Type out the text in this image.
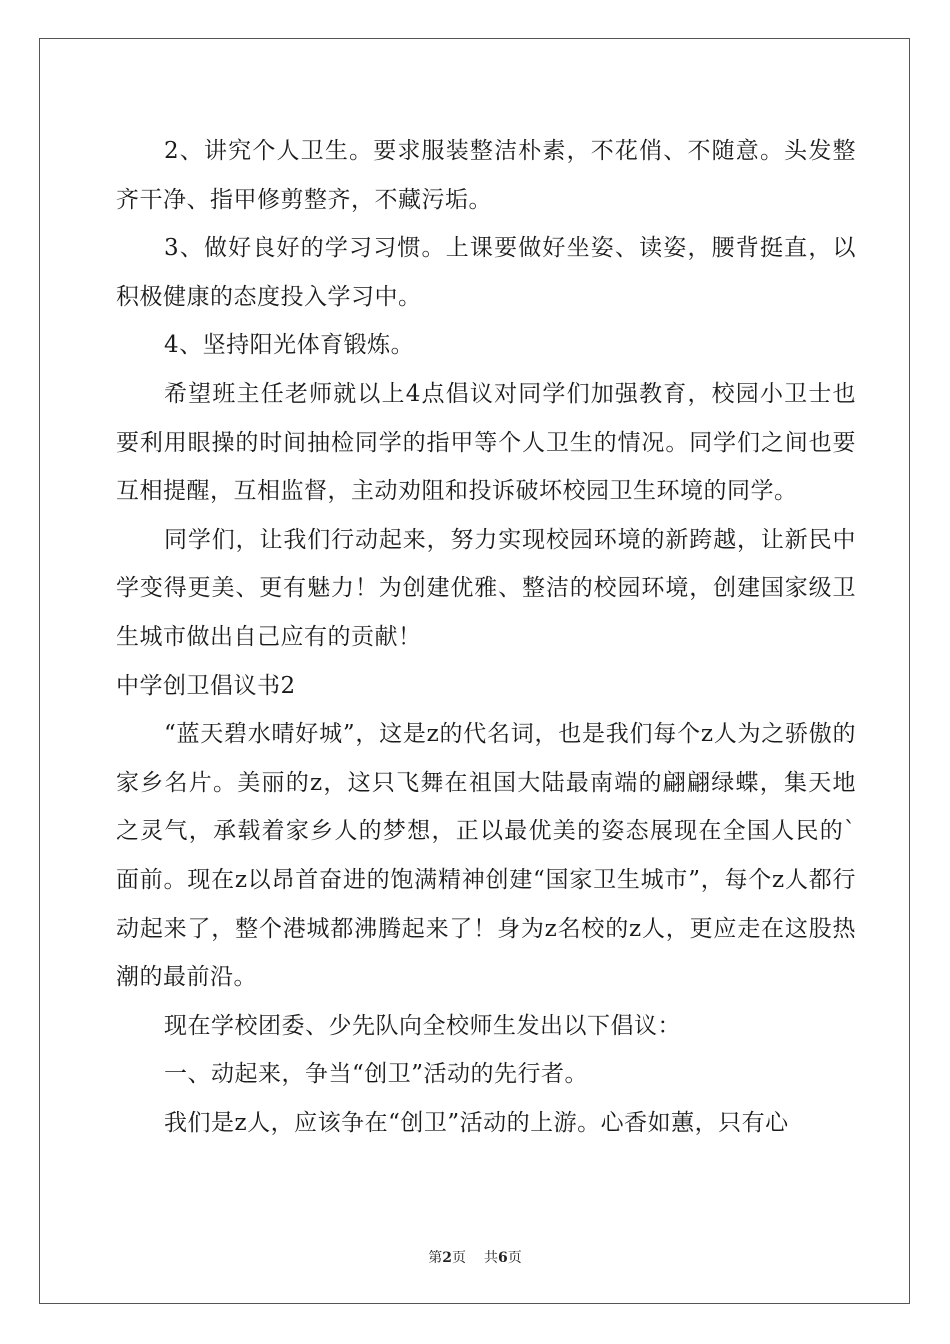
2、讲究个人卫生。要求服装整洁朴素，不花俏、不随意。头发整齐干净、指甲修剪整齐，不藏污垢。

3、做好良好的学习习惯。上课要做好坐姿、读姿，腰背挺直，以积极健康的态度投入学习中。

4、坚持阳光体育锻炼。

希望班主任老师就以上4点倡议对同学们加强教育，校园小卫士也要利用眼操的时间抽检同学的指甲等个人卫生的情况。同学们之间也要互相提醒，互相监督，主动劝阻和投诉破坏校园卫生环境的同学。

同学们，让我们行动起来，努力实现校园环境的新跨越，让新民中学变得更美、更有魅力！为创建优雅、整洁的校园环境，创建国家级卫生城市做出自己应有的贡献！

中学创卫倡议书2

“蓝天碧水晴好城”，这是z的代名词，也是我们每个z人为之骄傲的家乡名片。美丽的z，这只飞舞在祖国大陆最南端的翩翩绿蝶，集天地之灵气，承载着家乡人的梦想，正以最优美的姿态展现在全国人民的`面前。现在z以昂首奋进的饱满精神创建“国家卫生城市”，每个z人都行动起来了，整个港城都沸腾起来了！身为z名校的z人，更应走在这股热潮的最前沿。

现在学校团委、少先队向全校师生发出以下倡议：

一、动起来，争当“创卫”活动的先行者。

我们是z人，应该争在“创卫”活动的上游。心香如蕙，只有心

第2页 共6页
